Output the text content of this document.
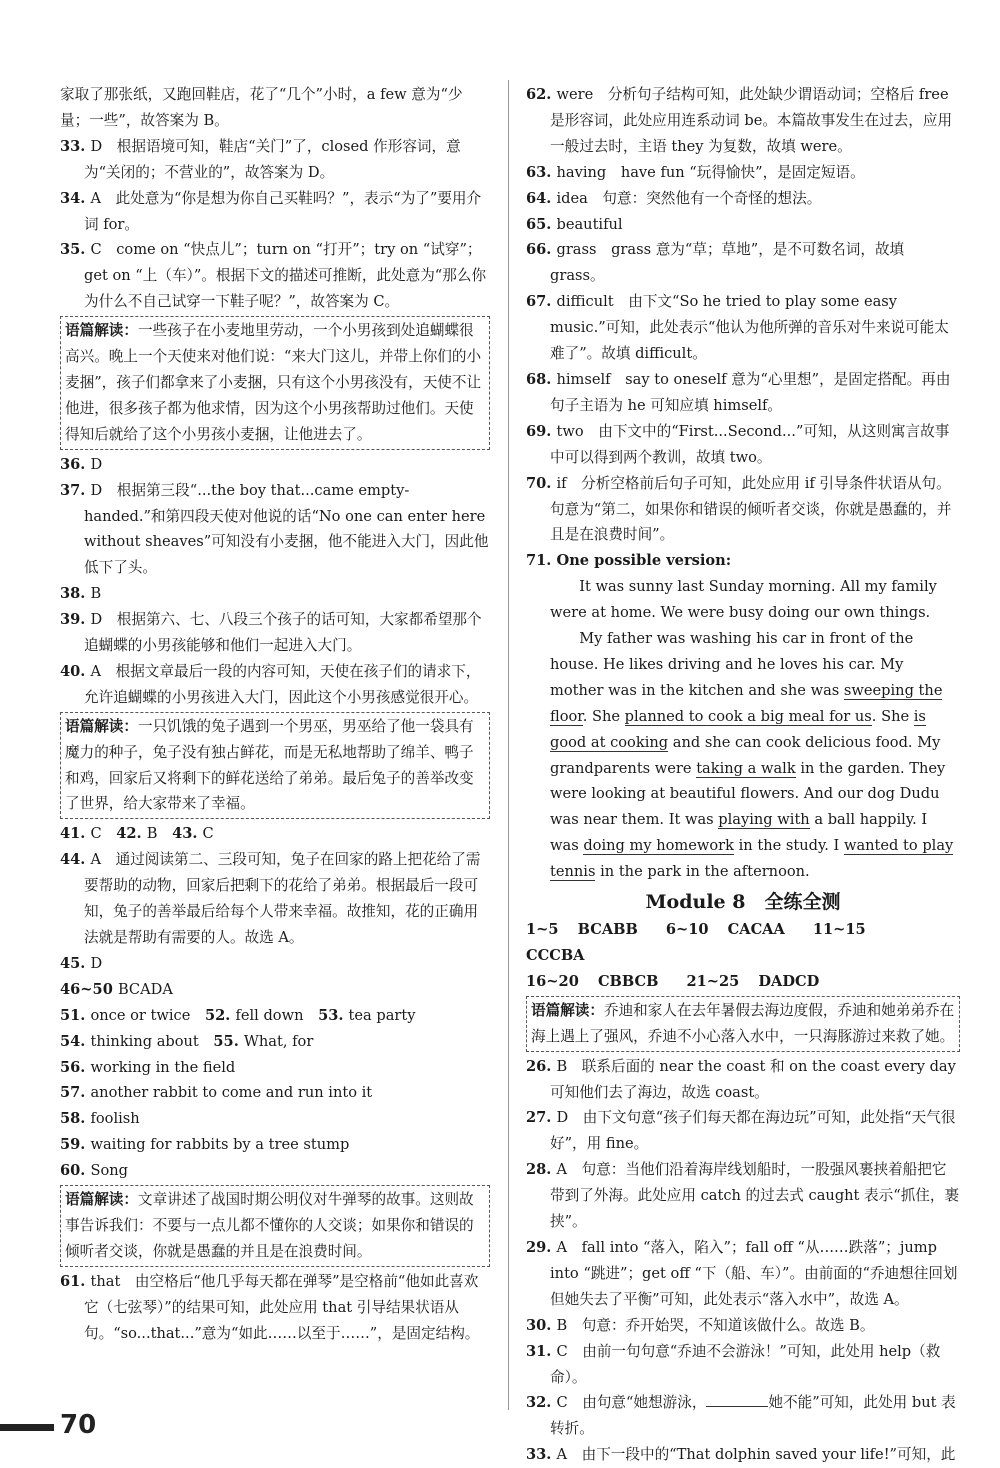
家取了那张纸，又跑回鞋店，花了“几个”小时，a few 意为“少量；一些”，故答案为 B。

33. D　根据语境可知，鞋店“关门”了，closed 作形容词，意为“关闭的；不营业的”，故答案为 D。

34. A　此处意为“你是想为你自己买鞋吗？”，表示“为了”要用介词 for。

35. C　come on “快点儿”；turn on “打开”；try on “试穿”；get on “上（车）”。根据下文的描述可推断，此处意为“那么你为什么不自己试穿一下鞋子呢？”，故答案为 C。

语篇解读：一些孩子在小麦地里劳动，一个小男孩到处追蝴蝶很高兴。晚上一个天使来对他们说：“来大门这儿，并带上你们的小麦捆”，孩子们都拿来了小麦捆，只有这个小男孩没有，天使不让他进，很多孩子都为他求情，因为这个小男孩帮助过他们。天使得知后就给了这个小男孩小麦捆，让他进去了。

36. D

37. D　根据第三段“...the boy that...came empty-handed.”和第四段天使对他说的话“No one can enter here without sheaves”可知没有小麦捆，他不能进入大门，因此他低下了头。

38. B

39. D　根据第六、七、八段三个孩子的话可知，大家都希望那个追蝴蝶的小男孩能够和他们一起进入大门。

40. A　根据文章最后一段的内容可知，天使在孩子们的请求下，允许追蝴蝶的小男孩进入大门，因此这个小男孩感觉很开心。

语篇解读：一只饥饿的兔子遇到一个男巫，男巫给了他一袋具有魔力的种子，兔子没有独占鲜花，而是无私地帮助了绵羊、鸭子和鸡，回家后又将剩下的鲜花送给了弟弟。最后兔子的善举改变了世界，给大家带来了幸福。

41. C　42. B　43. C

44. A　通过阅读第二、三段可知，兔子在回家的路上把花给了需要帮助的动物，回家后把剩下的花给了弟弟。根据最后一段可知，兔子的善举最后给每个人带来幸福。故推知，花的正确用法就是帮助有需要的人。故选 A。

45. D

46~50 BCADA

51. once or twice　52. fell down　53. tea party

54. thinking about　55. What, for

56. working in the field

57. another rabbit to come and run into it

58. foolish

59. waiting for rabbits by a tree stump

60. Song

语篇解读：文章讲述了战国时期公明仪对牛弹琴的故事。这则故事告诉我们：不要与一点儿都不懂你的人交谈；如果你和错误的倾听者交谈，你就是愚蠢的并且是在浪费时间。

61. that　由空格后“他几乎每天都在弹琴”是空格前“他如此喜欢它（七弦琴）”的结果可知，此处应用 that 引导结果状语从句。“so...that...”意为“如此……以至于……”，是固定结构。

62. were　分析句子结构可知，此处缺少谓语动词；空格后 free 是形容词，此处应用连系动词 be。本篇故事发生在过去，应用一般过去时，主语 they 为复数，故填 were。

63. having　have fun “玩得愉快”，是固定短语。

64. idea　句意：突然他有一个奇怪的想法。

65. beautiful

66. grass　grass 意为“草；草地”，是不可数名词，故填 grass。

67. difficult　由下文“So he tried to play some easy music.”可知，此处表示“他认为他所弹的音乐对牛来说可能太难了”。故填 difficult。

68. himself　say to oneself 意为“心里想”，是固定搭配。再由句子主语为 he 可知应填 himself。

69. two　由下文中的“First...Second...”可知，从这则寓言故事中可以得到两个教训，故填 two。

70. if　分析空格前后句子可知，此处应用 if 引导条件状语从句。句意为“第二，如果你和错误的倾听者交谈，你就是愚蠢的，并且是在浪费时间”。

71. One possible version:

It was sunny last Sunday morning. All my family were at home. We were busy doing our own things.

My father was washing his car in front of the house. He likes driving and he loves his car. My mother was in the kitchen and she was sweeping the floor. She planned to cook a big meal for us. She is good at cooking and she can cook delicious food. My grandparents were taking a walk in the garden. They were looking at beautiful flowers. And our dog Dudu was near them. It was playing with a ball happily. I was doing my homework in the study. I wanted to play tennis in the park in the afternoon.

Module 8　全练全测

1~5 BCABB 6~10 CACAA 11~15 CCCBA

16~20 CBBCB 21~25 DADCD

语篇解读：乔迪和家人在去年暑假去海边度假，乔迪和她弟弟乔在海上遇上了强风，乔迪不小心落入水中，一只海豚游过来救了她。

26. B　联系后面的 near the coast 和 on the coast every day 可知他们去了海边，故选 coast。

27. D　由下文句意“孩子们每天都在海边玩”可知，此处指“天气很好”，用 fine。

28. A　句意：当他们沿着海岸线划船时，一股强风裹挟着船把它带到了外海。此处应用 catch 的过去式 caught 表示“抓住，裹挟”。

29. A　fall into “落入，陷入”；fall off “从……跌落”；jump into “跳进”；get off “下（船、车）”。由前面的“乔迪想往回划但她失去了平衡”可知，此处表示“落入水中”，故选 A。

30. B　句意：乔开始哭，不知道该做什么。故选 B。

31. C　由前一句句意“乔迪不会游泳！”可知，此处用 help（救命）。

32. C　由句意“她想游泳，	她不能”可知，此处用 but 表转折。

33. A　由下一段中的“That dolphin saved your life!”可知，此

70
